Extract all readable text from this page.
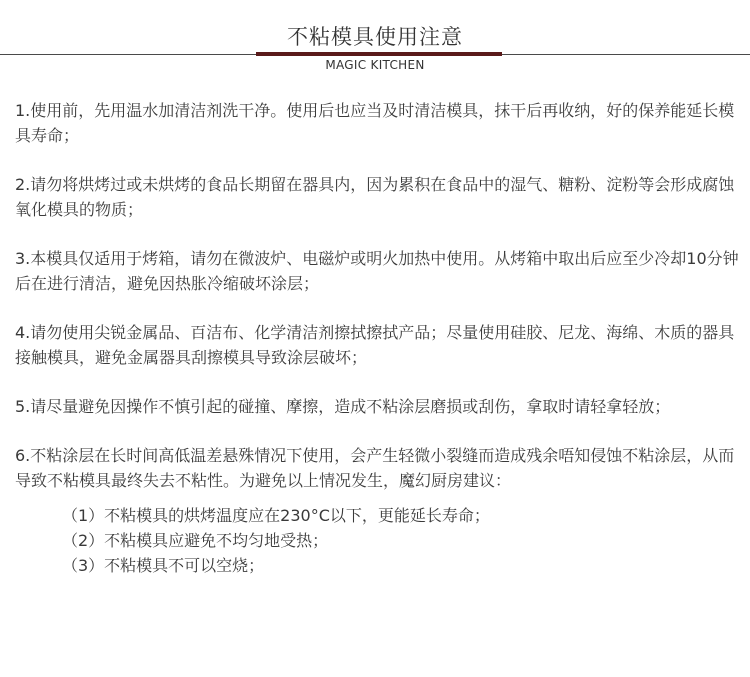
不粘模具使用注意
MAGIC KITCHEN

1.使用前，先用温水加清洁剂洗干净。使用后也应当及时清洁模具，抹干后再收纳，好的保养能延长模具寿命；

2.请勿将烘烤过或未烘烤的食品长期留在器具内，因为累积在食品中的湿气、糖粉、淀粉等会形成腐蚀氧化模具的物质；

3.本模具仅适用于烤箱，请勿在微波炉、电磁炉或明火加热中使用。从烤箱中取出后应至少冷却10分钟后在进行清洁，避免因热胀冷缩破坏涂层；

4.请勿使用尖锐金属品、百洁布、化学清洁剂擦拭擦拭产品；尽量使用硅胶、尼龙、海绵、木质的器具接触模具，避免金属器具刮擦模具导致涂层破坏；

5.请尽量避免因操作不慎引起的碰撞、摩擦，造成不粘涂层磨损或刮伤，拿取时请轻拿轻放；

6.不粘涂层在长时间高低温差悬殊情况下使用，会产生轻微小裂缝而造成残余唔知侵蚀不粘涂层，从而导致不粘模具最终失去不粘性。为避免以上情况发生，魔幻厨房建议：

（1）不粘模具的烘烤温度应在230°C以下，更能延长寿命；
（2）不粘模具应避免不均匀地受热；
（3）不粘模具不可以空烧；
